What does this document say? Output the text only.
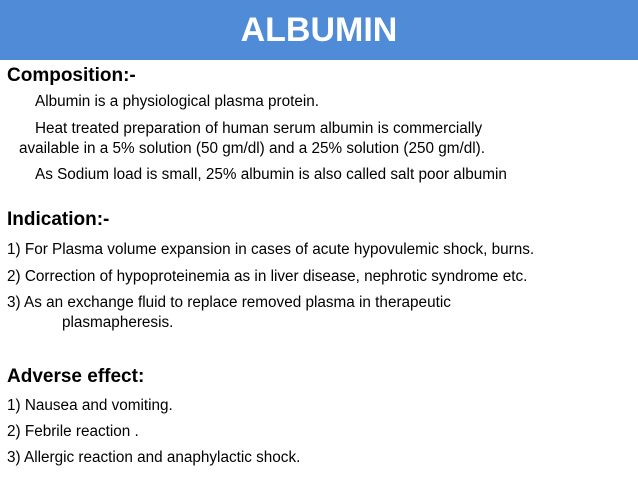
ALBUMIN
Composition:-
Albumin is a physiological plasma protein.
Heat treated preparation of human serum albumin is commercially
available in a 5% solution (50 gm/dl) and a 25% solution (250 gm/dl).
As Sodium load is small, 25% albumin is also called salt poor albumin
Indication:-
1) For Plasma volume expansion in cases of acute hypovulemic shock, burns.
2) Correction of hypoproteinemia as in liver disease, nephrotic syndrome etc.
3) As an exchange fluid to replace removed plasma in therapeutic
plasmapheresis.
Adverse effect:
1) Nausea and vomiting.
2) Febrile reaction .
3) Allergic reaction and anaphylactic shock.
